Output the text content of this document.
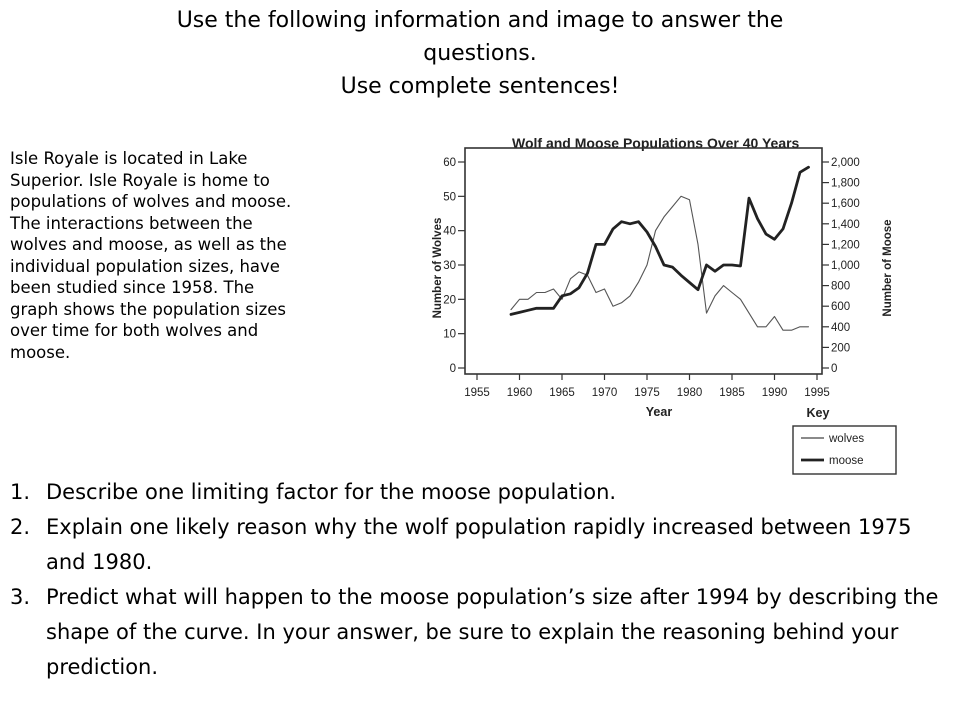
Use the following information and image to answer the
questions.
Use complete sentences!
Isle Royale is located in Lake
Superior. Isle Royale is home to
populations of wolves and moose.
The interactions between the
wolves and moose, as well as the
individual population sizes, have
been studied since 1958. The
graph shows the population sizes
over time for both wolves and
moose.
Wolf and Moose Populations Over 40 Years
Number of Wolves	Number of Moose
Year
1955 1960 1965 1970 1975 1980 1985 1990 1995
0
10
20
30
40
50
60
0
200
400
600
800
1,000
1,200
1,400
1,600
1,800
2,000
Key
wolves
moose
1. Describe one limiting factor for the moose population.
2. Explain one likely reason why the wolf population rapidly increased between 1975 and 1980.
3. Predict what will happen to the moose population’s size after 1994 by describing the shape of the curve. In your answer, be sure to explain the reasoning behind your prediction.
